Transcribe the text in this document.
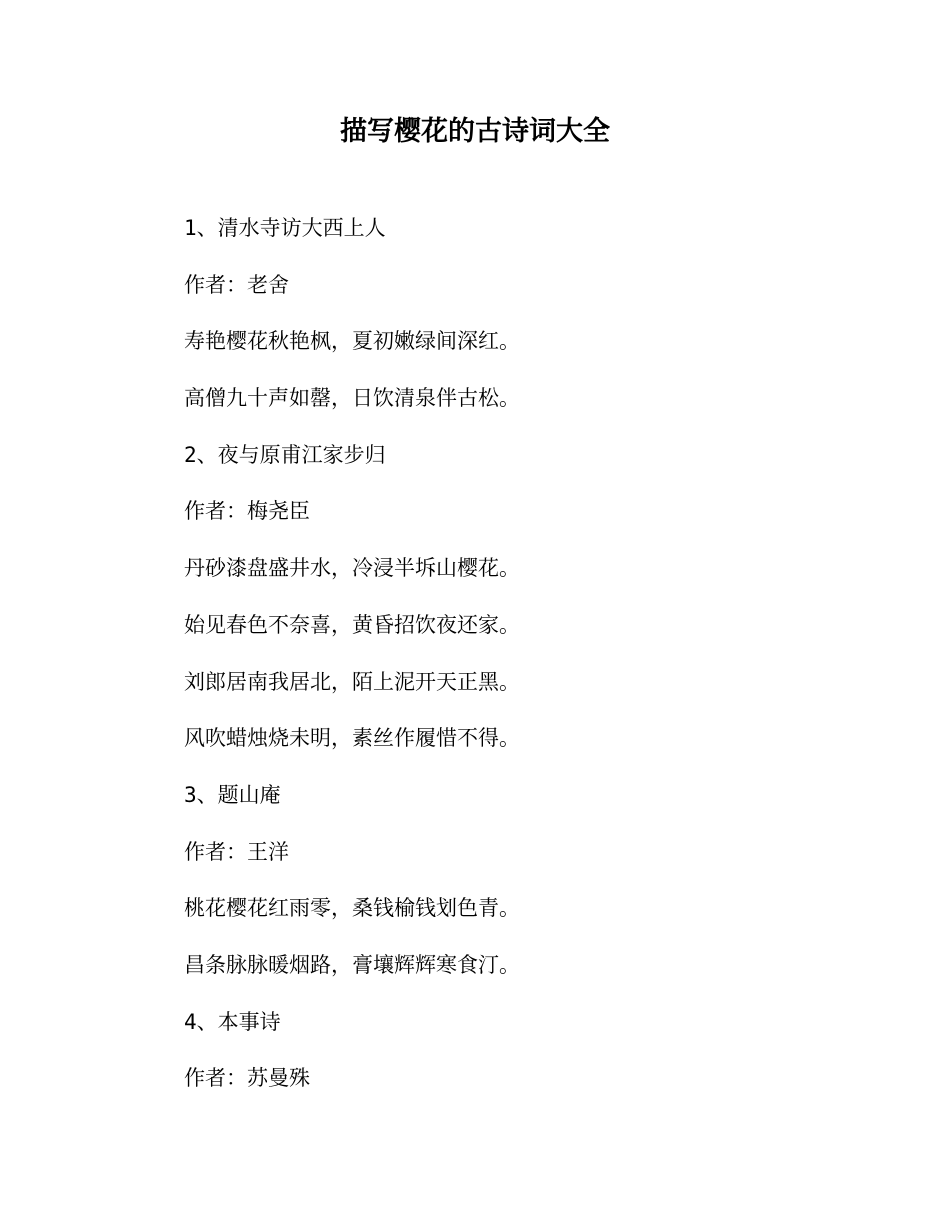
描写樱花的古诗词大全
1、清水寺访大西上人
作者：老舍
寿艳樱花秋艳枫，夏初嫩绿间深红。
高僧九十声如罄，日饮清泉伴古松。
2、夜与原甫江家步归
作者：梅尧臣
丹砂漆盘盛井水，冷浸半坼山樱花。
始见春色不奈喜，黄昏招饮夜还家。
刘郎居南我居北，陌上泥开天正黑。
风吹蜡烛烧未明，素丝作履惜不得。
3、题山庵
作者：王洋
桃花樱花红雨零，桑钱榆钱划色青。
昌条脉脉暖烟路，膏壤辉辉寒食汀。
4、本事诗
作者：苏曼殊
